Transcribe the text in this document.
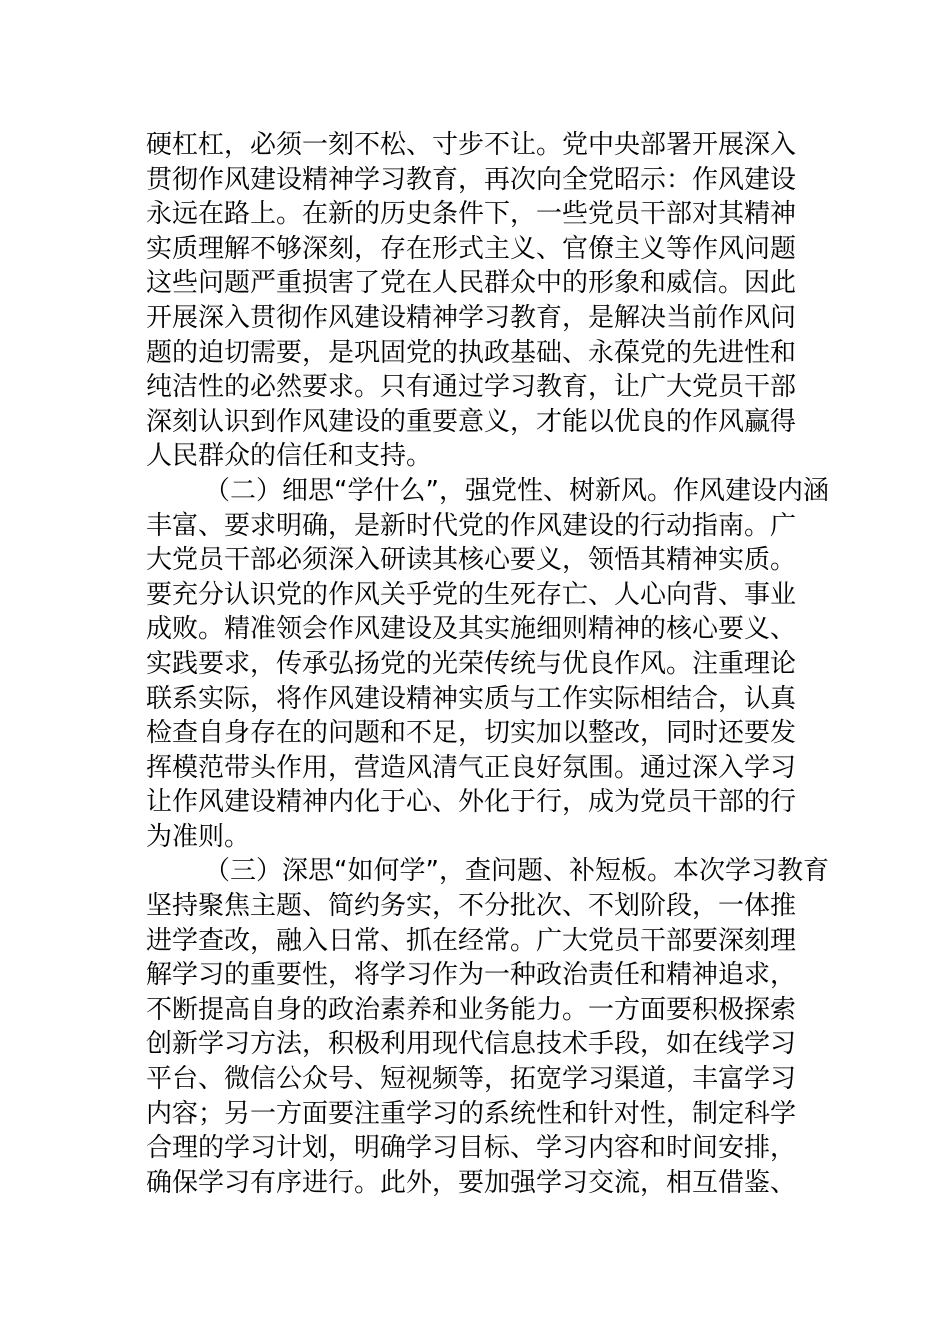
硬杠杠，必须一刻不松、寸步不让。党中央部署开展深入
贯彻作风建设精神学习教育，再次向全党昭示：作风建设
永远在路上。在新的历史条件下，一些党员干部对其精神
实质理解不够深刻，存在形式主义、官僚主义等作风问题
这些问题严重损害了党在人民群众中的形象和威信。因此
开展深入贯彻作风建设精神学习教育，是解决当前作风问
题的迫切需要，是巩固党的执政基础、永葆党的先进性和
纯洁性的必然要求。只有通过学习教育，让广大党员干部
深刻认识到作风建设的重要意义，才能以优良的作风赢得
人民群众的信任和支持。
（二）细思“学什么”，强党性、树新风。作风建设内涵
丰富、要求明确，是新时代党的作风建设的行动指南。广
大党员干部必须深入研读其核心要义，领悟其精神实质。
要充分认识党的作风关乎党的生死存亡、人心向背、事业
成败。精准领会作风建设及其实施细则精神的核心要义、
实践要求，传承弘扬党的光荣传统与优良作风。注重理论
联系实际，将作风建设精神实质与工作实际相结合，认真
检查自身存在的问题和不足，切实加以整改，同时还要发
挥模范带头作用，营造风清气正良好氛围。通过深入学习
让作风建设精神内化于心、外化于行，成为党员干部的行
为准则。
（三）深思“如何学”，查问题、补短板。本次学习教育
坚持聚焦主题、简约务实，不分批次、不划阶段，一体推
进学查改，融入日常、抓在经常。广大党员干部要深刻理
解学习的重要性，将学习作为一种政治责任和精神追求，
不断提高自身的政治素养和业务能力。一方面要积极探索
创新学习方法，积极利用现代信息技术手段，如在线学习
平台、微信公众号、短视频等，拓宽学习渠道，丰富学习
内容；另一方面要注重学习的系统性和针对性，制定科学
合理的学习计划，明确学习目标、学习内容和时间安排，
确保学习有序进行。此外，要加强学习交流，相互借鉴、
